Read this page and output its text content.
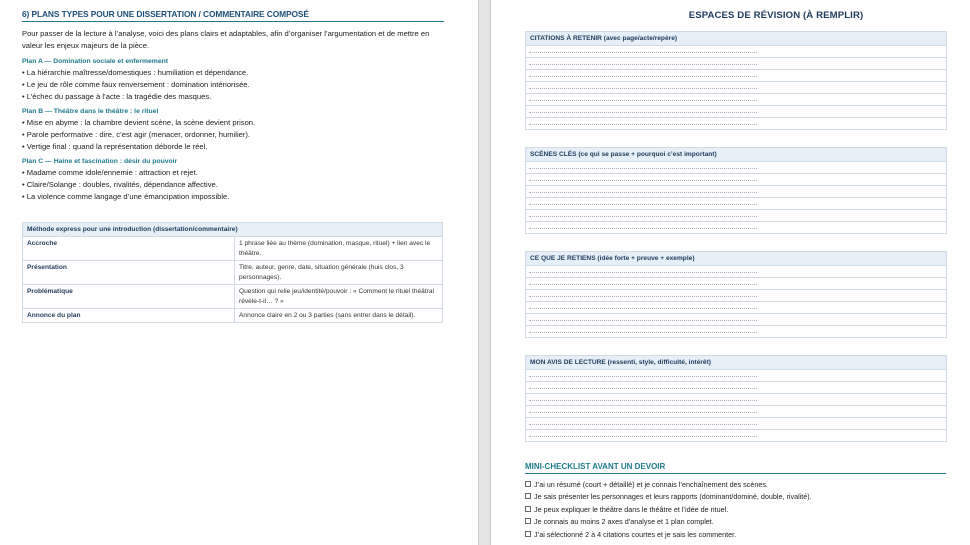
6) PLANS TYPES POUR UNE DISSERTATION / COMMENTAIRE COMPOSÉ
Pour passer de la lecture à l’analyse, voici des plans clairs et adaptables, afin d’organiser l’argumentation et de mettre en valeur les enjeux majeurs de la pièce.
Plan A — Domination sociale et enfermement
• La hiérarchie maîtresse/domestiques : humiliation et dépendance.
• Le jeu de rôle comme faux renversement : domination intériorisée.
• L’échec du passage à l’acte : la tragédie des masques.
Plan B — Théâtre dans le théâtre : le rituel
• Mise en abyme : la chambre devient scène, la scène devient prison.
• Parole performative : dire, c’est agir (menacer, ordonner, humilier).
• Vertige final : quand la représentation déborde le réel.
Plan C — Haine et fascination : désir du pouvoir
• Madame comme idole/ennemie : attraction et rejet.
• Claire/Solange : doubles, rivalités, dépendance affective.
• La violence comme langage d’une émancipation impossible.
Méthode express pour une introduction (dissertation/commentaire)	
Accroche	1 phrase liée au thème (domination, masque, rituel) + lien avec le théâtre.
Présentation	Titre, auteur, genre, date, situation générale (huis clos, 3 personnages).
Problématique	Question qui relie jeu/identité/pouvoir : « Comment le rituel théâtral révèle-t-il… ? »
Annonce du plan	Annonce claire en 2 ou 3 parties (sans entrer dans le détail).
ESPACES DE RÉVISION (À REMPLIR)
CITATIONS À RETENIR (avec page/acte/repère)
SCÈNES CLÉS (ce qui se passe + pourquoi c’est important)
CE QUE JE RETIENS (idée forte + preuve + exemple)
MON AVIS DE LECTURE (ressenti, style, difficulté, intérêt)
MINI-CHECKLIST AVANT UN DEVOIR
J’ai un résumé (court + détaillé) et je connais l’enchaînement des scènes.
Je sais présenter les personnages et leurs rapports (dominant/dominé, double, rivalité).
Je peux expliquer le théâtre dans le théâtre et l’idée de rituel.
Je connais au moins 2 axes d’analyse et 1 plan complet.
J’ai sélectionné 2 à 4 citations courtes et je sais les commenter.
